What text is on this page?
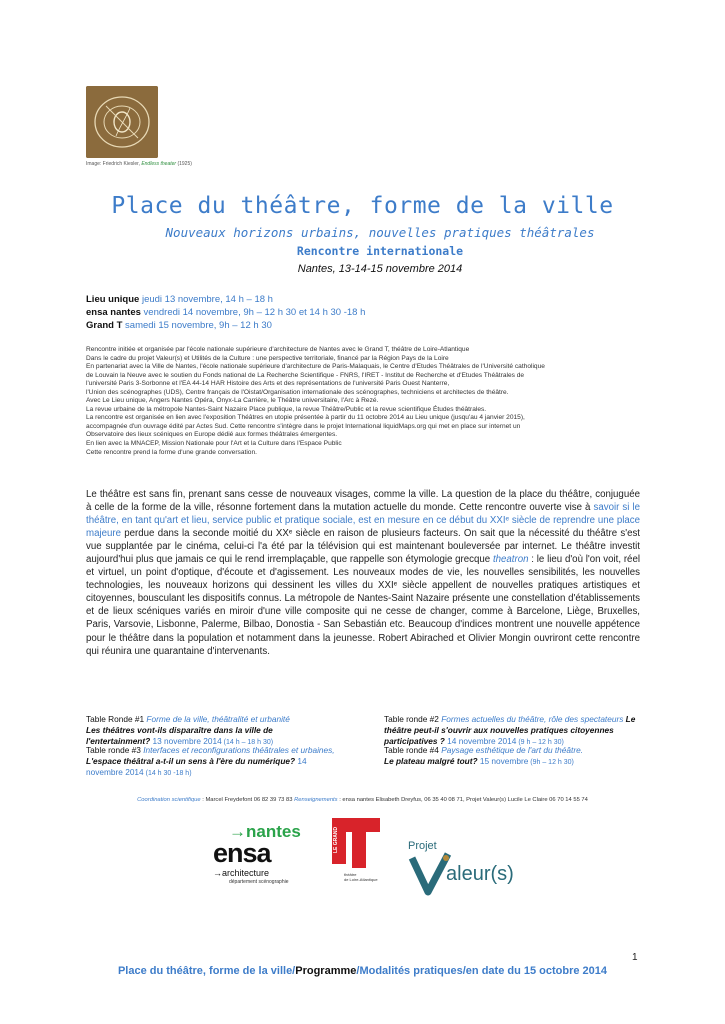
Image: Friedrich Kiesler, Endless theater (1925)
Place du théâtre, forme de la ville
Nouveaux horizons urbains, nouvelles pratiques théâtrales
Rencontre internationale
Nantes, 13-14-15 novembre 2014
Lieu unique jeudi 13 novembre, 14 h – 18 h
ensa nantes vendredi 14 novembre, 9h – 12 h 30 et 14 h 30 -18 h
Grand T samedi 15 novembre, 9h – 12 h 30

Rencontre initiée et organisée par l'école nationale supérieure d'architecture de Nantes avec le Grand T, théâtre de Loire-Atlantique

Dans le cadre du projet Valeur(s) et Utilités de la Culture : une perspective territoriale, financé par la Région Pays de la Loire

En partenariat avec la Ville de Nantes, l'école nationale supérieure d'architecture de Paris-Malaquais, le Centre d'Etudes Théâtrales de l'Université catholique

de Louvain la Neuve avec le soutien du Fonds national de La Recherche Scientifique - FNRS, l'IRET - Institut de Recherche et d'Etudes Théâtrales de

l'université Paris 3-Sorbonne et l'EA 44-14 HAR Histoire des Arts et des représentations de l'université Paris Ouest Nanterre,

l'Union des scénographes (UDS), Centre français de l'Oistat/Organisation internationale des scénographes, techniciens et architectes de théâtre.

Avec Le Lieu unique, Angers Nantes Opéra, Onyx-La Carrière, le Théâtre universitaire, l'Arc à Rezé.

La revue urbaine de la métropole Nantes-Saint Nazaire Place publique, la revue Théâtre/Public et la revue scientifique Études théâtrales.

La rencontre est organisée en lien avec l'exposition Théâtres en utopie présentée à partir du 11 octobre 2014 au Lieu unique (jusqu'au 4 janvier 2015),

accompagnée d'un ouvrage édité par Actes Sud. Cette rencontre s'intègre dans le projet International liquidMaps.org qui met en place sur internet un

Observatoire des lieux scéniques en Europe dédié aux formes théâtrales émergentes.

En lien avec la MNACEP, Mission Nationale pour l'Art et la Culture dans l'Espace Public

Cette rencontre prend la forme d'une grande conversation.

Le théâtre est sans fin, prenant sans cesse de nouveaux visages, comme la ville. La question de la place du théâtre, conjuguée à celle de la forme de la ville, résonne fortement dans la mutation actuelle du monde. Cette rencontre ouverte vise à savoir si le théâtre, en tant qu'art et lieu, service public et pratique sociale, est en mesure en ce début du XXIᵉ siècle de reprendre une place majeure perdue dans la seconde moitié du XXᵉ siècle en raison de plusieurs facteurs. On sait que la nécessité du théâtre s'est vue supplantée par le cinéma, celui-ci l'a été par la télévision qui est maintenant bouleversée par internet. Le théâtre investit aujourd'hui plus que jamais ce qui le rend irremplaçable, que rappelle son étymologie grecque theatron : le lieu d'où l'on voit, réel et virtuel, un point d'optique, d'écoute et d'agissement. Les nouveaux modes de vie, les nouvelles sensibilités, les nouvelles technologies, les nouveaux horizons qui dessinent les villes du XXIᵉ siècle appellent de nouvelles pratiques artistiques et citoyennes, bousculant les dispositifs connus. La métropole de Nantes-Saint Nazaire présente une constellation d'établissements et de lieux scéniques variés en miroir d'une ville composite qui ne cesse de changer, comme à Barcelone, Liège, Bruxelles, Paris, Varsovie, Lisbonne, Palerme, Bilbao, Donostia - San Sebastián etc. Beaucoup d'indices montrent une nouvelle appétence pour le théâtre dans la population et notamment dans la jeunesse. Robert Abirached et Olivier Mongin ouvriront cette rencontre qui réunira une quarantaine d'intervenants.
Table Ronde #1 Forme de la ville, théâtralité et urbanité
Les théâtres vont-ils disparaître dans la ville de l'entertainment? 13 novembre 2014 (14 h – 18 h 30)
Table ronde #2 Formes actuelles du théâtre, rôle des spectateurs Le théâtre peut-il s'ouvrir aux nouvelles pratiques citoyennes participatives ? 14 novembre 2014 (9 h – 12 h 30)
Table ronde #3 Interfaces et reconfigurations théâtrales et urbaines, L'espace théâtral a-t-il un sens à l'ère du numérique? 14 novembre 2014 (14 h 30 -18 h)
Table ronde #4 Paysage esthétique de l'art du théâtre.
Le plateau malgré tout? 15 novembre (9h – 12 h 30)
Coordination scientifique : Marcel Freydefont 06 82 39 73 83 Renseignements : ensa nantes Elisabeth Dreyfus, 06 35 40 08 71, Projet Valeur(s) Lucile Le Claire 06 70 14 55 74
→nantes
ensa
→architecture
département scénographie
LE GRAND
théâtre
de Loire-Atlantique
Projet
aleur(s)
1
Place du théâtre, forme de la ville/Programme/Modalités pratiques/en date du 15 octobre 2014
